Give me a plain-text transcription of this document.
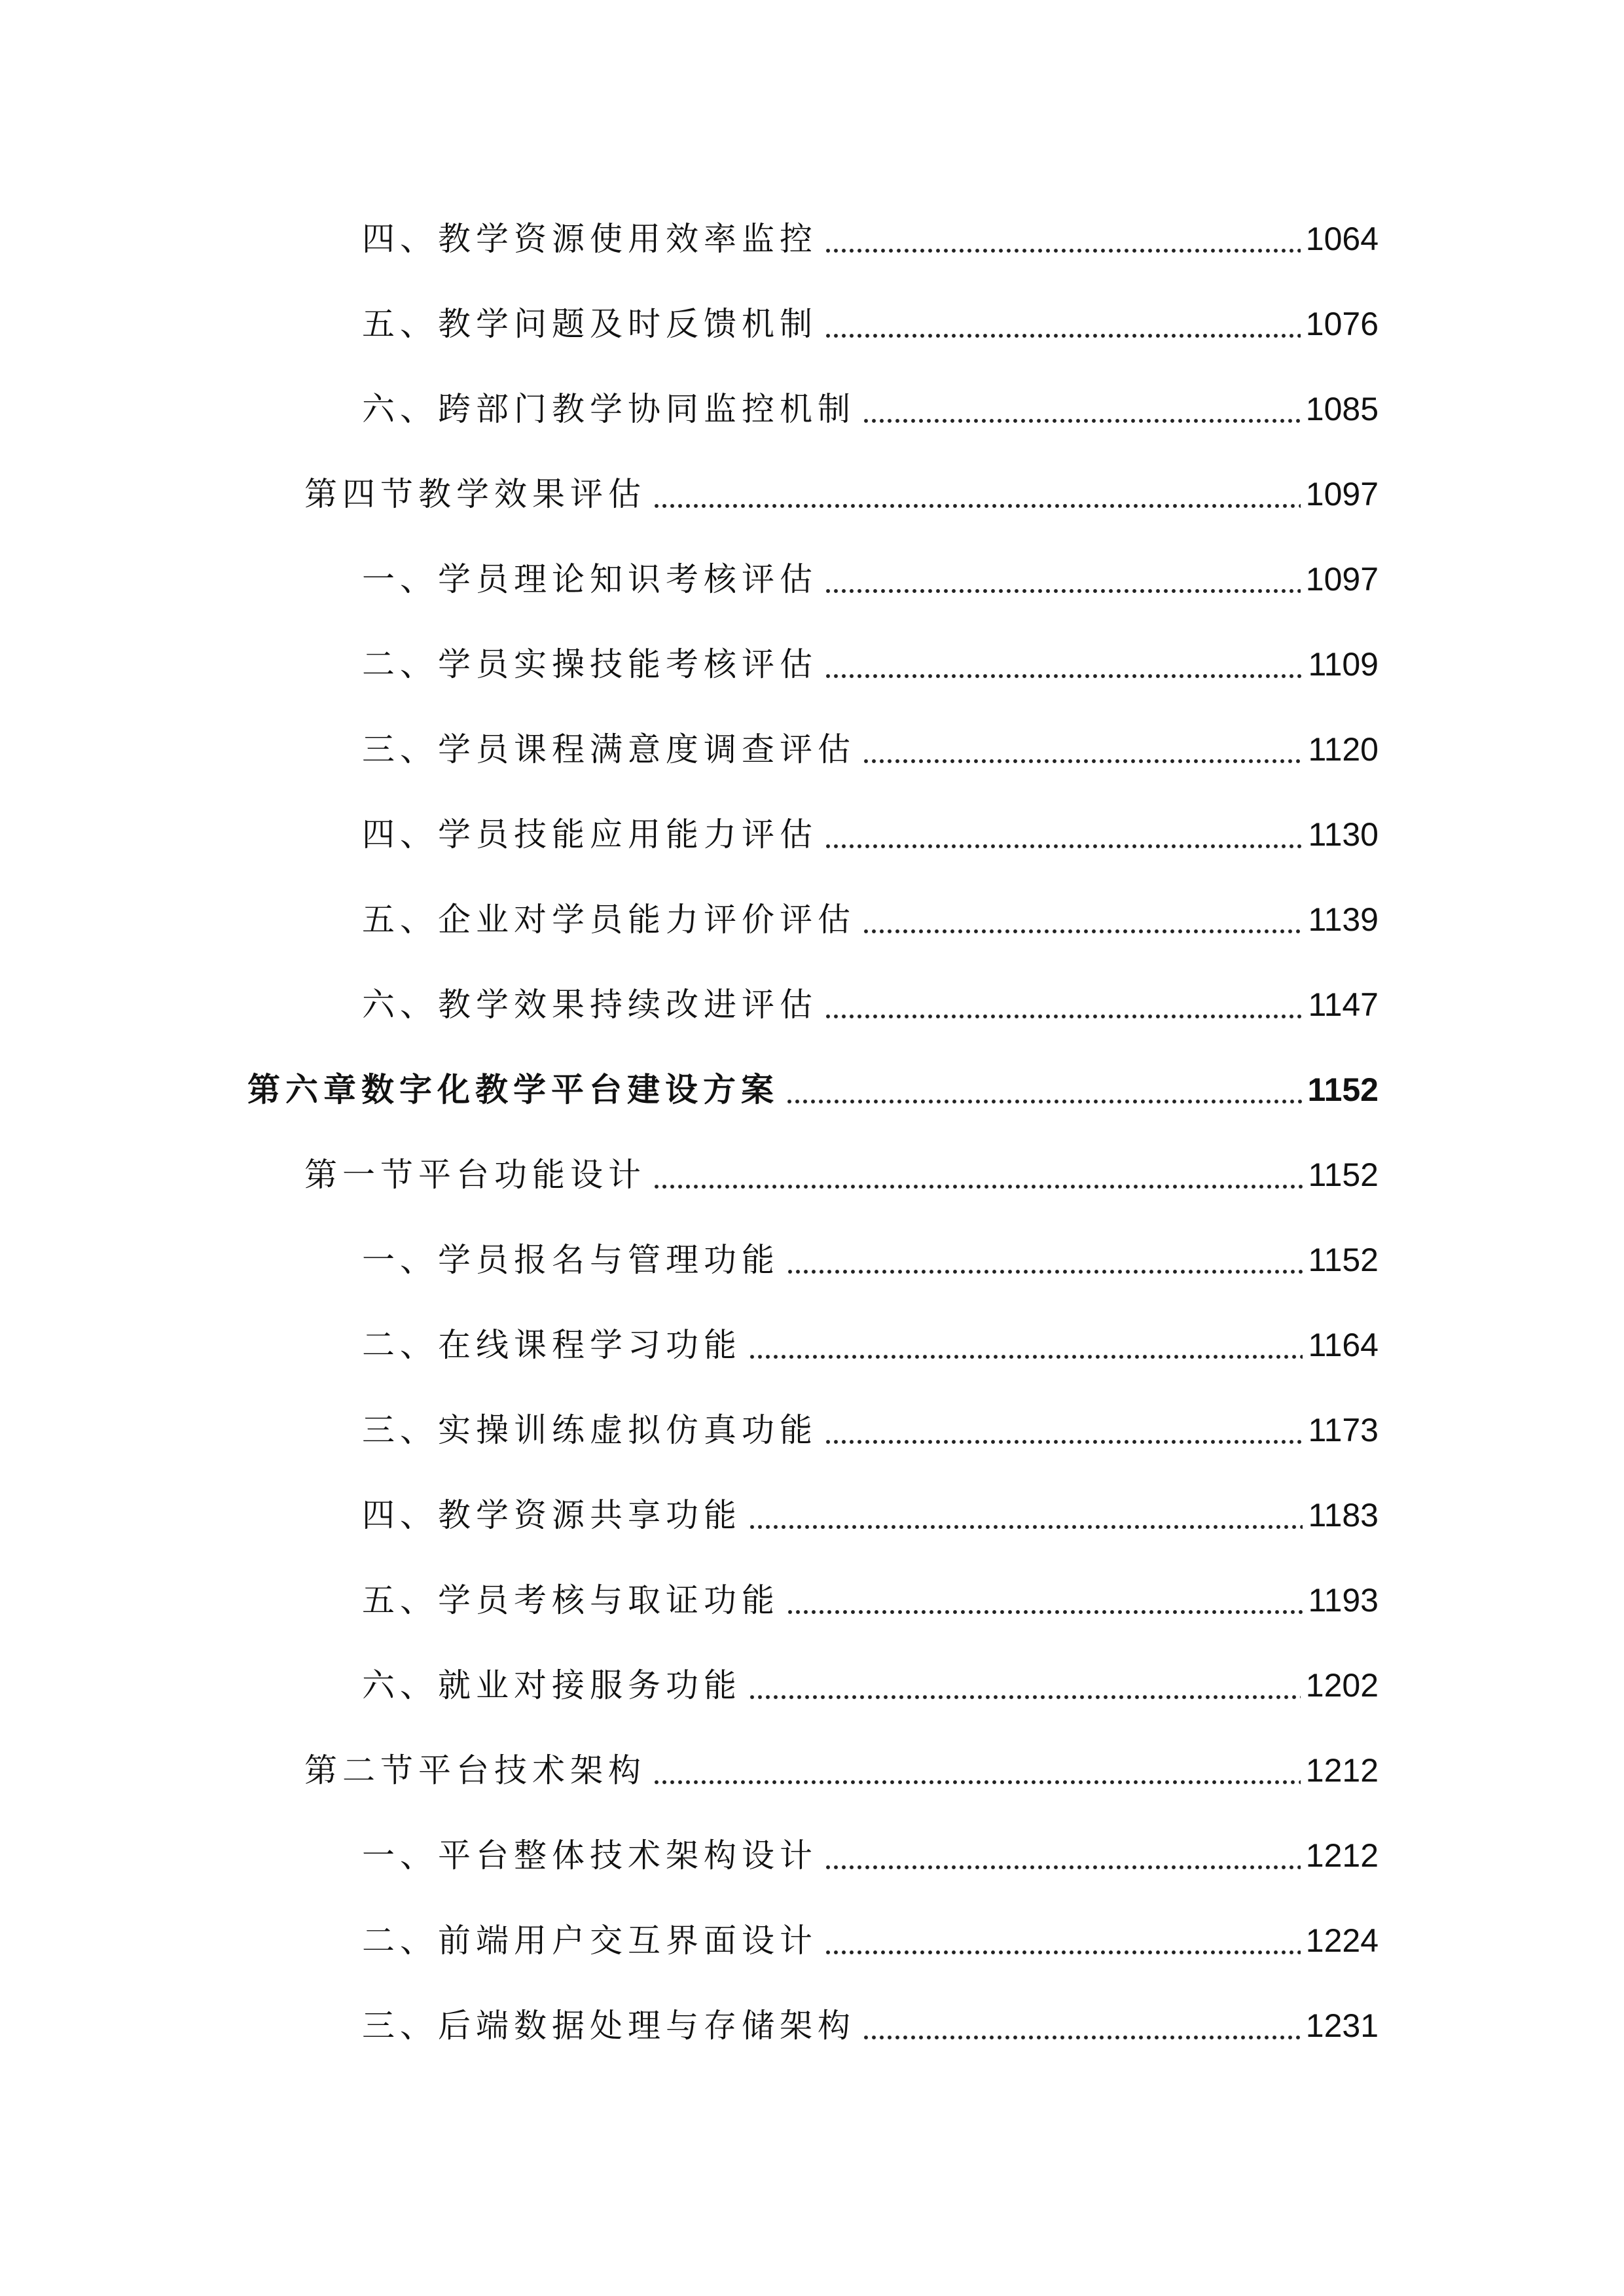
四、教学资源使用效率监控	1064
五、教学问题及时反馈机制	1076
六、跨部门教学协同监控机制	1085
第四节教学效果评估	1097
一、学员理论知识考核评估	1097
二、学员实操技能考核评估	1109
三、学员课程满意度调查评估	1120
四、学员技能应用能力评估	1130
五、企业对学员能力评价评估	1139
六、教学效果持续改进评估	1147
第六章数字化教学平台建设方案	1152
第一节平台功能设计	1152
一、学员报名与管理功能	1152
二、在线课程学习功能	1164
三、实操训练虚拟仿真功能	1173
四、教学资源共享功能	1183
五、学员考核与取证功能	1193
六、就业对接服务功能	1202
第二节平台技术架构	1212
一、平台整体技术架构设计	1212
二、前端用户交互界面设计	1224
三、后端数据处理与存储架构	1231
